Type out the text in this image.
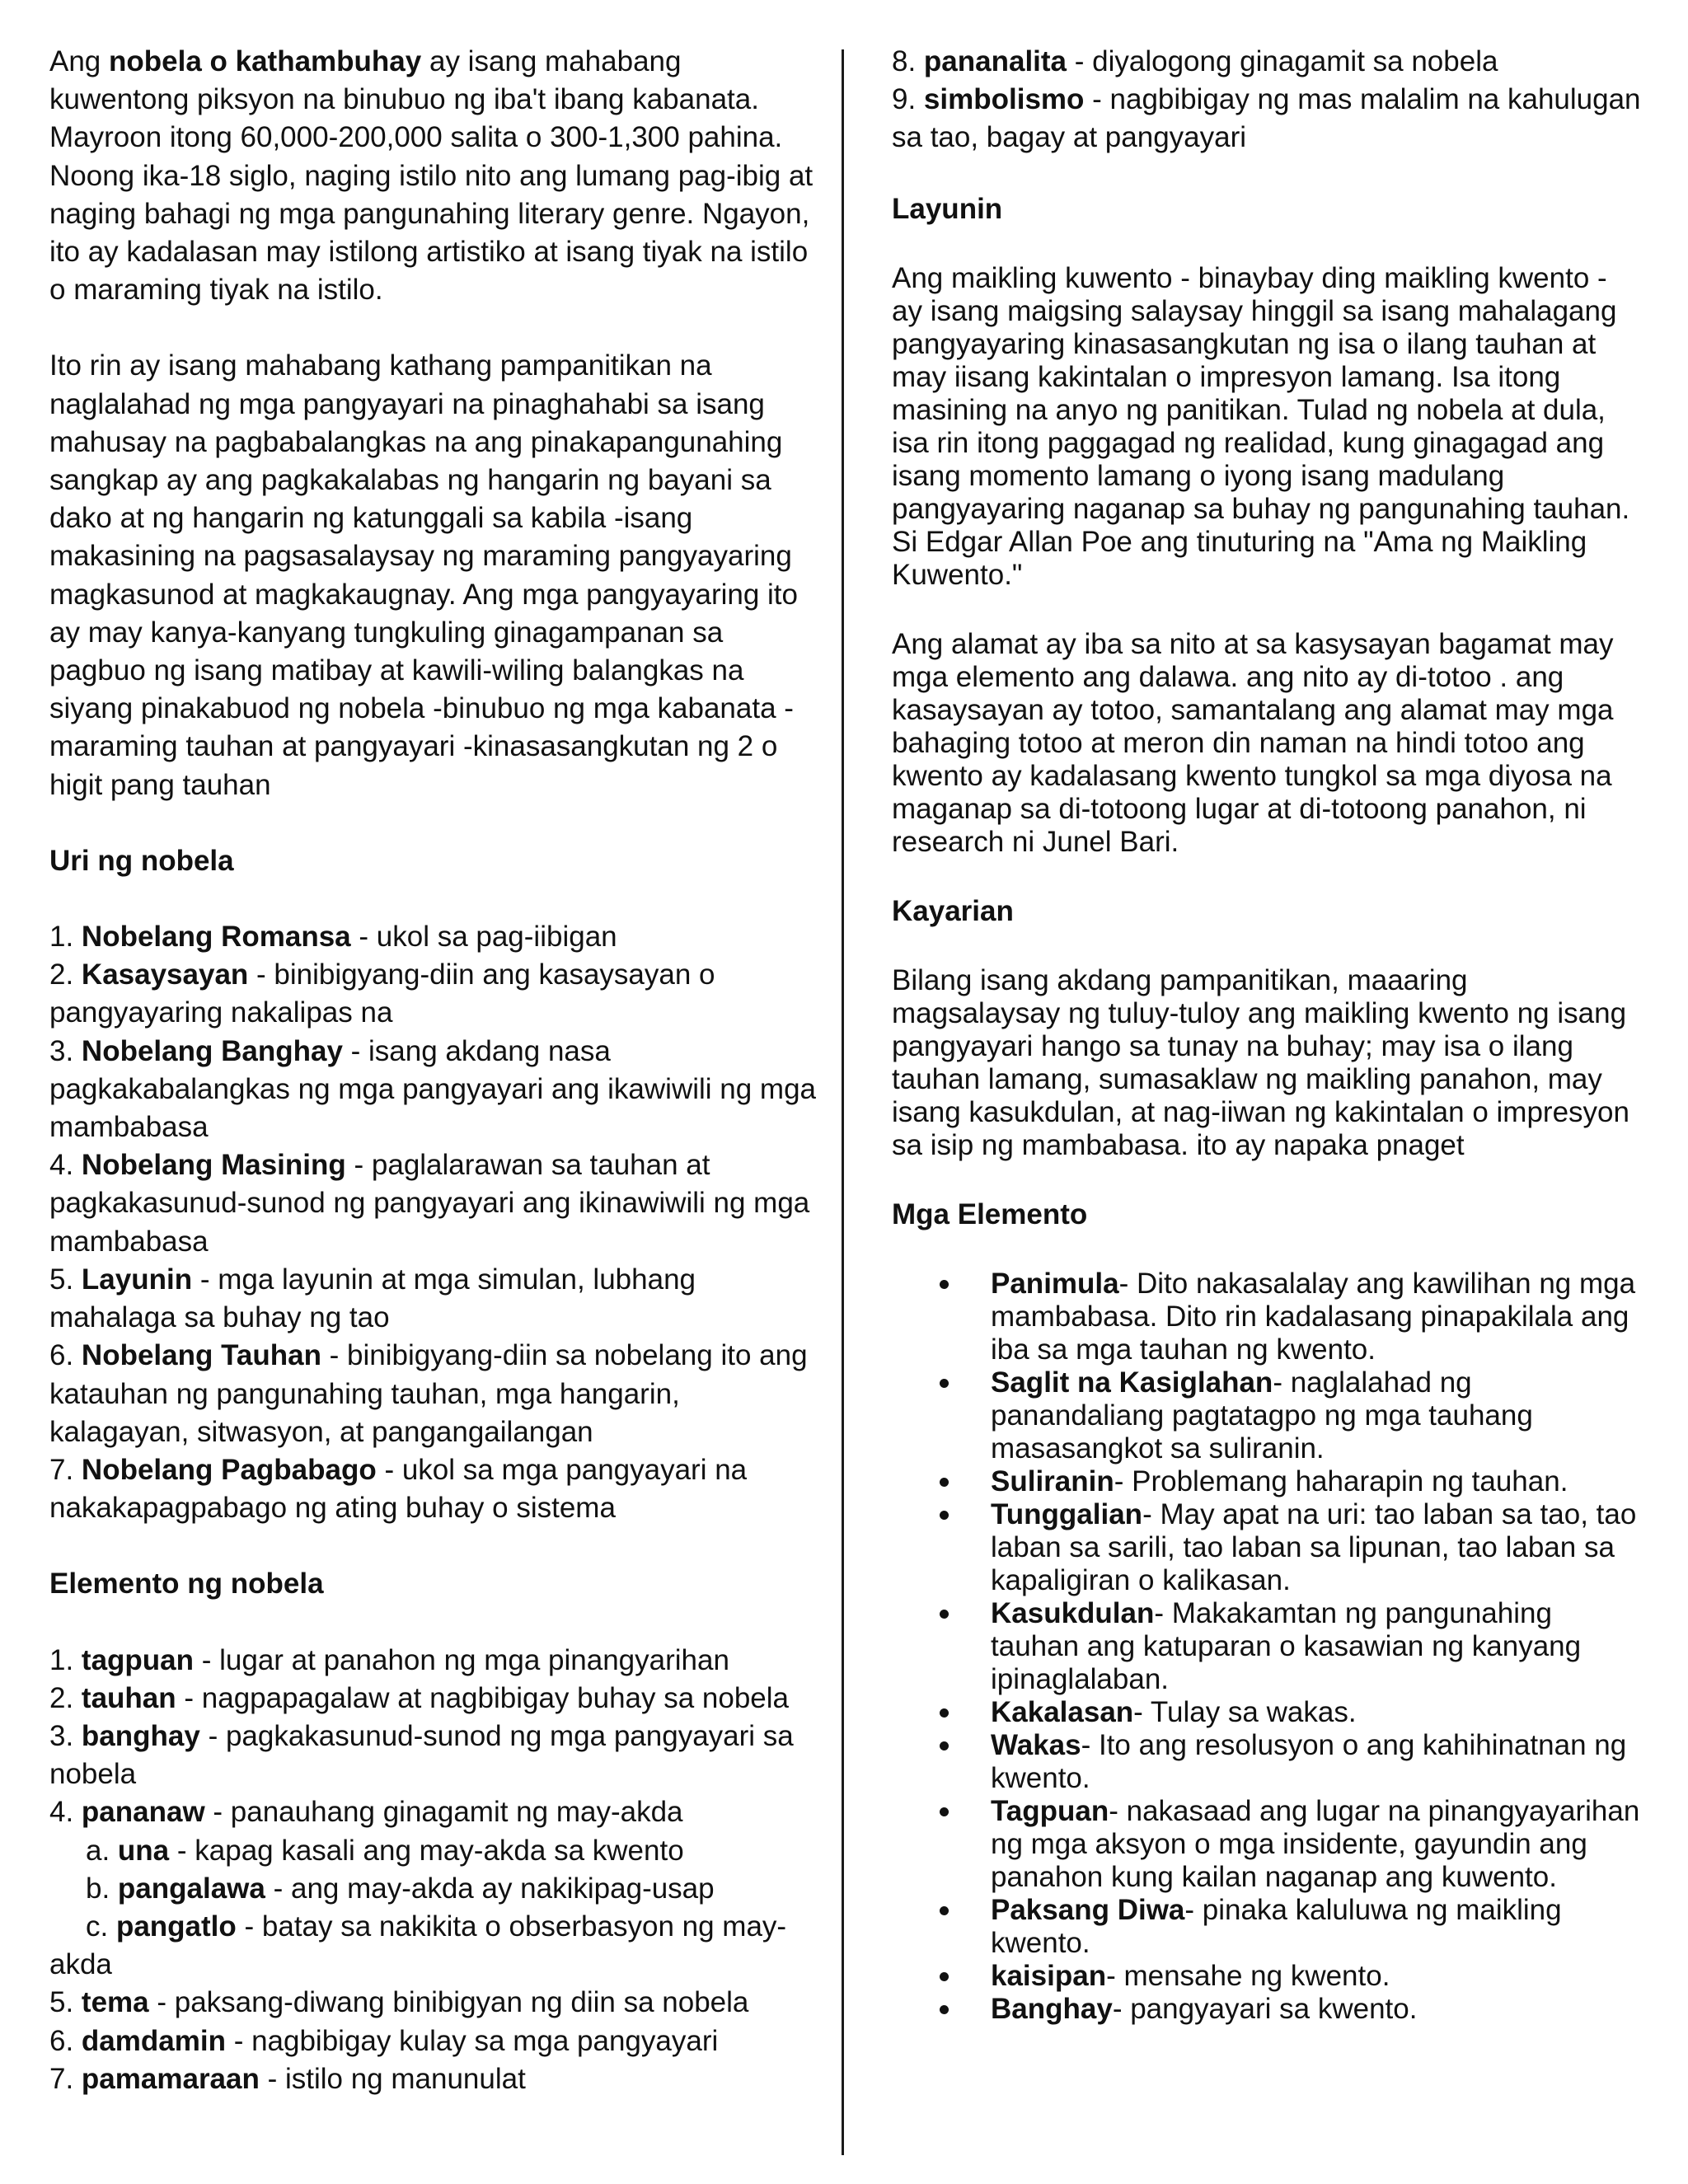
Ang nobela o kathambuhay ay isang mahabang kuwentong piksyon na binubuo ng iba't ibang kabanata. Mayroon itong 60,000-200,000 salita o 300-1,300 pahina. Noong ika-18 siglo, naging istilo nito ang lumang pag-ibig at naging bahagi ng mga pangunahing literary genre. Ngayon, ito ay kadalasan may istilong artistiko at isang tiyak na istilo o maraming tiyak na istilo.

Ito rin ay isang mahabang kathang pampanitikan na naglalahad ng mga pangyayari na pinaghahabi sa isang mahusay na pagbabalangkas na ang pinakapangunahing sangkap ay ang pagkakalabas ng hangarin ng bayani sa dako at ng hangarin ng katunggali sa kabila -isang makasining na pagsasalaysay ng maraming pangyayaring magkasunod at magkakaugnay. Ang mga pangyayaring ito ay may kanya-kanyang tungkuling ginagampanan sa pagbuo ng isang matibay at kawili-wiling balangkas na siyang pinakabuod ng nobela -binubuo ng mga kabanata -maraming tauhan at pangyayari -kinasasangkutan ng 2 o higit pang tauhan

Uri ng nobela

1. Nobelang Romansa - ukol sa pag-iibigan

2. Kasaysayan - binibigyang-diin ang kasaysayan o pangyayaring nakalipas na

3. Nobelang Banghay - isang akdang nasa pagkakabalangkas ng mga pangyayari ang ikawiwili ng mga mambabasa

4. Nobelang Masining - paglalarawan sa tauhan at pagkakasunud-sunod ng pangyayari ang ikinawiwili ng mga mambabasa

5. Layunin - mga layunin at mga simulan, lubhang mahalaga sa buhay ng tao

6. Nobelang Tauhan - binibigyang-diin sa nobelang ito ang katauhan ng pangunahing tauhan, mga hangarin, kalagayan, sitwasyon, at pangangailangan

7. Nobelang Pagbabago - ukol sa mga pangyayari na nakakapagpabago ng ating buhay o sistema

Elemento ng nobela

1. tagpuan - lugar at panahon ng mga pinangyarihan

2. tauhan - nagpapagalaw at nagbibigay buhay sa nobela

3. banghay - pagkakasunud-sunod ng mga pangyayari sa nobela

4. pananaw - panauhang ginagamit ng may-akda

a. una - kapag kasali ang may-akda sa kwento

b. pangalawa - ang may-akda ay nakikipag-usap

c. pangatlo - batay sa nakikita o obserbasyon ng may-akda

5. tema - paksang-diwang binibigyan ng diin sa nobela

6. damdamin - nagbibigay kulay sa mga pangyayari

7. pamamaraan - istilo ng manunulat

8. pananalita - diyalogong ginagamit sa nobela

9. simbolismo - nagbibigay ng mas malalim na kahulugan sa tao, bagay at pangyayari

Layunin

Ang maikling kuwento - binaybay ding maikling kwento - ay isang maigsing salaysay hinggil sa isang mahalagang pangyayaring kinasasangkutan ng isa o ilang tauhan at may iisang kakintalan o impresyon lamang. Isa itong masining na anyo ng panitikan. Tulad ng nobela at dula, isa rin itong paggagad ng realidad, kung ginagagad ang isang momento lamang o iyong isang madulang pangyayaring naganap sa buhay ng pangunahing tauhan. Si Edgar Allan Poe ang tinuturing na "Ama ng Maikling Kuwento."

Ang alamat ay iba sa nito at sa kasysayan bagamat may mga elemento ang dalawa. ang nito ay di-totoo . ang kasaysayan ay totoo, samantalang ang alamat may mga bahaging totoo at meron din naman na hindi totoo ang kwento ay kadalasang kwento tungkol sa mga diyosa na maganap sa di-totoong lugar at di-totoong panahon, ni research ni Junel Bari.

Kayarian

Bilang isang akdang pampanitikan, maaaring magsalaysay ng tuluy-tuloy ang maikling kwento ng isang pangyayari hango sa tunay na buhay; may isa o ilang tauhan lamang, sumasaklaw ng maikling panahon, may isang kasukdulan, at nag-iiwan ng kakintalan o impresyon sa isip ng mambabasa. ito ay napaka pnaget

Mga Elemento

Panimula- Dito nakasalalay ang kawilihan ng mga mambabasa. Dito rin kadalasang pinapakilala ang iba sa mga tauhan ng kwento.
Saglit na Kasiglahan- naglalahad ng panandaliang pagtatagpo ng mga tauhang masasangkot sa suliranin.
Suliranin- Problemang haharapin ng tauhan.
Tunggalian- May apat na uri: tao laban sa tao, tao laban sa sarili, tao laban sa lipunan, tao laban sa kapaligiran o kalikasan.
Kasukdulan- Makakamtan ng pangunahing tauhan ang katuparan o kasawian ng kanyang ipinaglalaban.
Kakalasan- Tulay sa wakas.
Wakas- Ito ang resolusyon o ang kahihinatnan ng kwento.
Tagpuan- nakasaad ang lugar na pinangyayarihan ng mga aksyon o mga insidente, gayundin ang panahon kung kailan naganap ang kuwento.
Paksang Diwa- pinaka kaluluwa ng maikling kwento.
kaisipan- mensahe ng kwento.
Banghay- pangyayari sa kwento.
